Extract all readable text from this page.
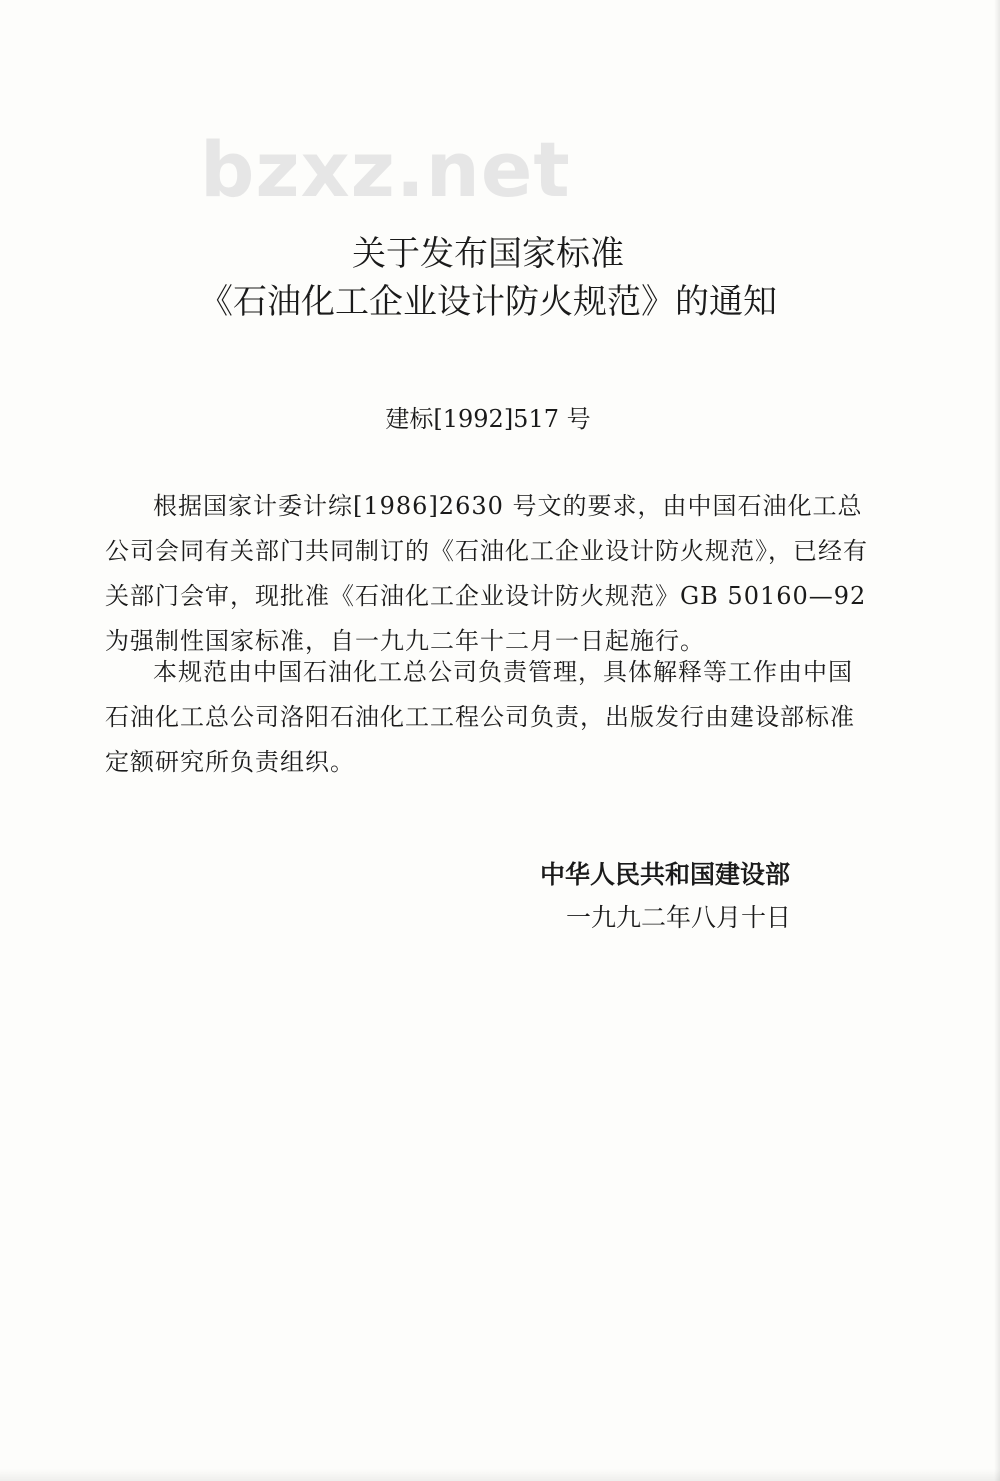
bzxz.net
关于发布国家标准
《石油化工企业设计防火规范》的通知
建标[1992]517 号
根据国家计委计综[1986]2630 号文的要求，由中国石油化工总公司会同有关部门共同制订的《石油化工企业设计防火规范》，已经有关部门会审，现批准《石油化工企业设计防火规范》GB 50160—92 为强制性国家标准，自一九九二年十二月一日起施行。
本规范由中国石油化工总公司负责管理，具体解释等工作由中国石油化工总公司洛阳石油化工工程公司负责，出版发行由建设部标准定额研究所负责组织。
中华人民共和国建设部
一九九二年八月十日
